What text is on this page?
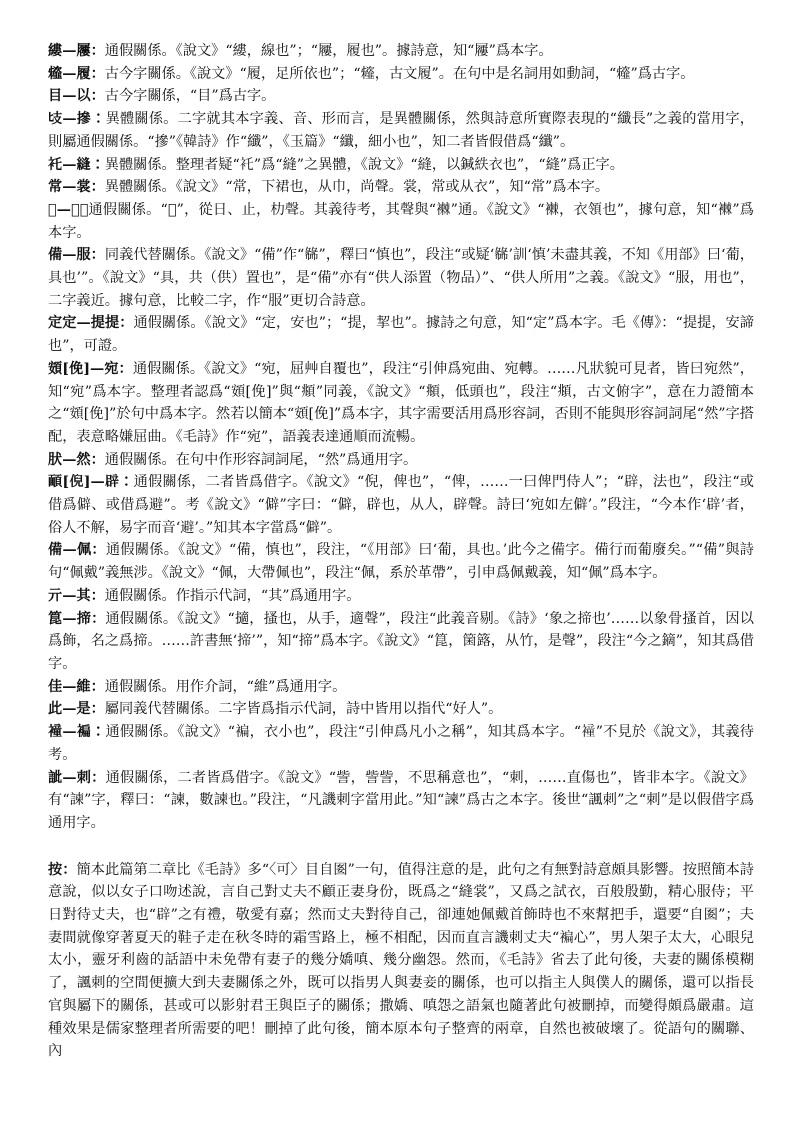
縷—屨：通假關係。《說文》“縷，線也”；“屨，履也”。據詩意，知“屨”爲本字。

䪢—履：古今字關係。《說文》“履，足所依也”；“䪢，古文履”。在句中是名詞用如動詞，“䪢”爲古字。

目—以：古今字關係，“目”爲古字。

𢺵—摻：異體關係。二字就其本字義、音、形而言，是異體關係，然與詩意所實際表現的“纖長”之義的當用字，則屬通假關係。“摻”《韓詩》作“纖”，《玉篇》“纖，細小也”，知二者皆假借爲“纖”。

𧘐—縫：異體關係。整理者疑“𧘐”爲“縫”之異體，《說文》“縫，以鍼紩衣也”，“縫”爲正字。

常—裳：異體關係。《說文》“常，下裙也，从巾，尚聲。裳，常或从衣”，知“常”爲本字。

𣦘—襋：通假關係。“𣦘”，從日、止，朸聲。其義待考，其聲與“襋”通。《說文》“襋，衣領也”，據句意，知“襋”爲本字。

備—服：同義代替關係。《說文》“備”作“㣈”，釋曰“慎也”，段注“或疑‘㣈’訓‘慎’未盡其義，不知《用部》曰‘葡，具也’”。《說文》“具，共（供）置也”，是“備”亦有“供人添置（物品）”、“供人所用”之義。《說文》“服，用也”，二字義近。據句意，比較二字，作“服”更切合詩意。

定定—提提：通假關係。《說文》“定，安也”；“提，挈也”。據詩之句意，知“定”爲本字。毛《傳》：“提提，安諦也”，可證。

頞[俛]—宛：通假關係。《說文》“宛，屈艸自覆也”，段注“引伸爲宛曲、宛轉。……凡狀貌可見者，皆曰宛然”，知“宛”爲本字。整理者認爲“頞[俛]”與“頫”同義，《說文》“頫，低頭也”，段注“頫，古文俯字”，意在力證簡本之“頞[俛]”於句中爲本字。然若以簡本“頞[俛]”爲本字，其字需要活用爲形容詞，否則不能與形容詞詞尾“然”字搭配，表意略嫌屈曲。《毛詩》作“宛”，語義表達通順而流暢。

肰—然：通假關係。在句中作形容詞詞尾，“然”爲通用字。

𩔁[倪]—辟：通假關係，二者皆爲借字。《說文》“倪，俾也”，“俾，……一曰俾門侍人”；“辟，法也”，段注“或借爲僻、或借爲避”。考《說文》“僻”字曰：“僻，辟也，从人，辟聲。詩曰‘宛如左僻’。”段注，“今本作‘辟’者，俗人不解，易字而音‘避’。”知其本字當爲“僻”。

備—佩：通假關係。《說文》“備，慎也”，段注，“《用部》曰‘葡，具也。’此今之備字。備行而葡廢矣。”“備”與詩句“佩戴”義無涉。《說文》“佩，大帶佩也”，段注“佩，系於革帶”，引申爲佩戴義，知“佩”爲本字。

亓—其：通假關係。作指示代詞，“其”爲通用字。

箟—揥：通假關係。《說文》“擿，搔也，从手，適聲”，段注“此義音剔。《詩》‘象之揥也’……以象骨搔首，因以爲飾，名之爲揥。……許書無‘揥’”，知“揥”爲本字。《說文》“箟，箘簬，从竹，是聲”，段注“今之鏑”，知其爲借字。

佳—維：通假關係。用作介詞，“維”爲通用字。

此—是：屬同義代替關係。二字皆爲指示代詞，詩中皆用以指代“好人”。

𧝎—褊：通假關係。《說文》“褊，衣小也”，段注“引伸爲凡小之稱”，知其爲本字。“𧝎”不見於《說文》，其義待考。

訿—刺：通假關係，二者皆爲借字。《說文》“訾，訾訾，不思稱意也”，“刺，……直傷也”，皆非本字。《說文》有“諫”字，釋曰：“諫，數諫也。”段注，“凡譏刺字當用此。”知“諫”爲古之本字。後世“諷刺”之“刺”是以假借字爲通用字。

按：簡本此篇第二章比《毛詩》多“〈可〉目自𡇔”一句，值得注意的是，此句之有無對詩意頗具影響。按照簡本詩意說，似以女子口吻述說，言自己對丈夫不顧正妻身份，既爲之“縫裳”，又爲之試衣，百般殷勤，精心服侍；平日對待丈夫，也“辟”之有禮，敬愛有嘉；然而丈夫對待自己，卻連她佩戴首飾時也不來幫把手，還要“自𡇔”；夫妻間就像穿著夏天的鞋子走在秋冬時的霜雪路上，極不相配，因而直言譏刺丈夫“褊心”，男人架子太大，心眼兒太小，靈牙利齒的話語中未免帶有妻子的幾分嬌嗔、幾分幽怨。然而，《毛詩》省去了此句後，夫妻的關係模糊了，諷刺的空間便擴大到夫妻關係之外，既可以指男人與妻妾的關係，也可以指主人與僕人的關係，還可以指長官與屬下的關係，甚或可以影射君王與臣子的關係；撒嬌、嗔怨之語氣也隨著此句被刪掉，而變得頗爲嚴肅。這種效果是儒家整理者所需要的吧！刪掉了此句後，簡本原本句子整齊的兩章，自然也被破壞了。從語句的關聯、內
